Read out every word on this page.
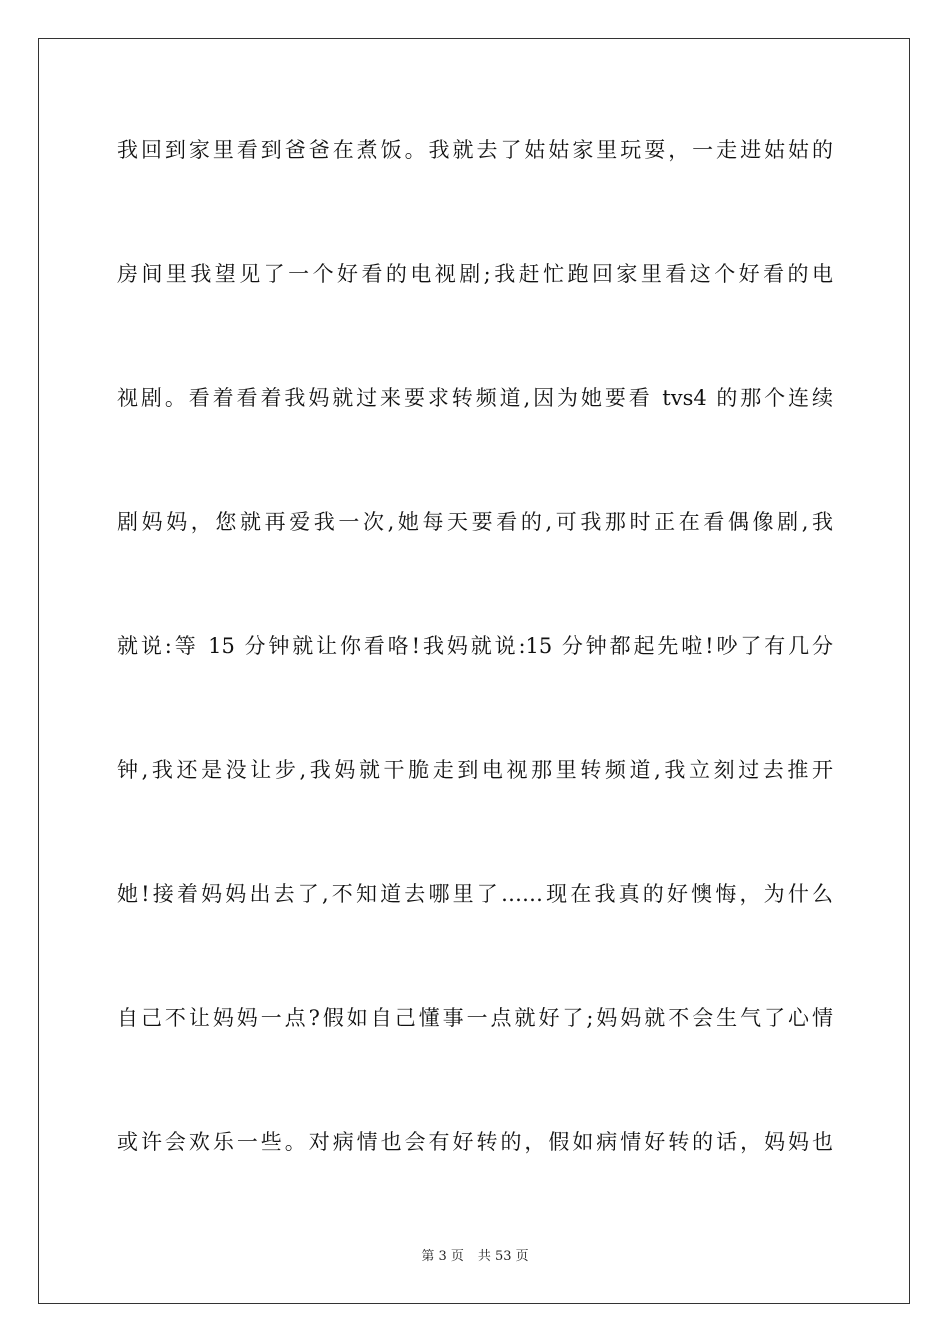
我回到家里看到爸爸在煮饭。我就去了姑姑家里玩耍，一走进姑姑的
房间里我望见了一个好看的电视剧;我赶忙跑回家里看这个好看的电
视剧。看着看着我妈就过来要求转频道,因为她要看 tvs4 的那个连续
剧妈妈，您就再爱我一次,她每天要看的,可我那时正在看偶像剧,我
就说:等 15 分钟就让你看咯!我妈就说:15 分钟都起先啦!吵了有几分
钟,我还是没让步,我妈就干脆走到电视那里转频道,我立刻过去推开
她!接着妈妈出去了,不知道去哪里了……现在我真的好懊悔，为什么
自己不让妈妈一点?假如自己懂事一点就好了;妈妈就不会生气了心情
或许会欢乐一些。对病情也会有好转的，假如病情好转的话，妈妈也
第 3 页 共 53 页
